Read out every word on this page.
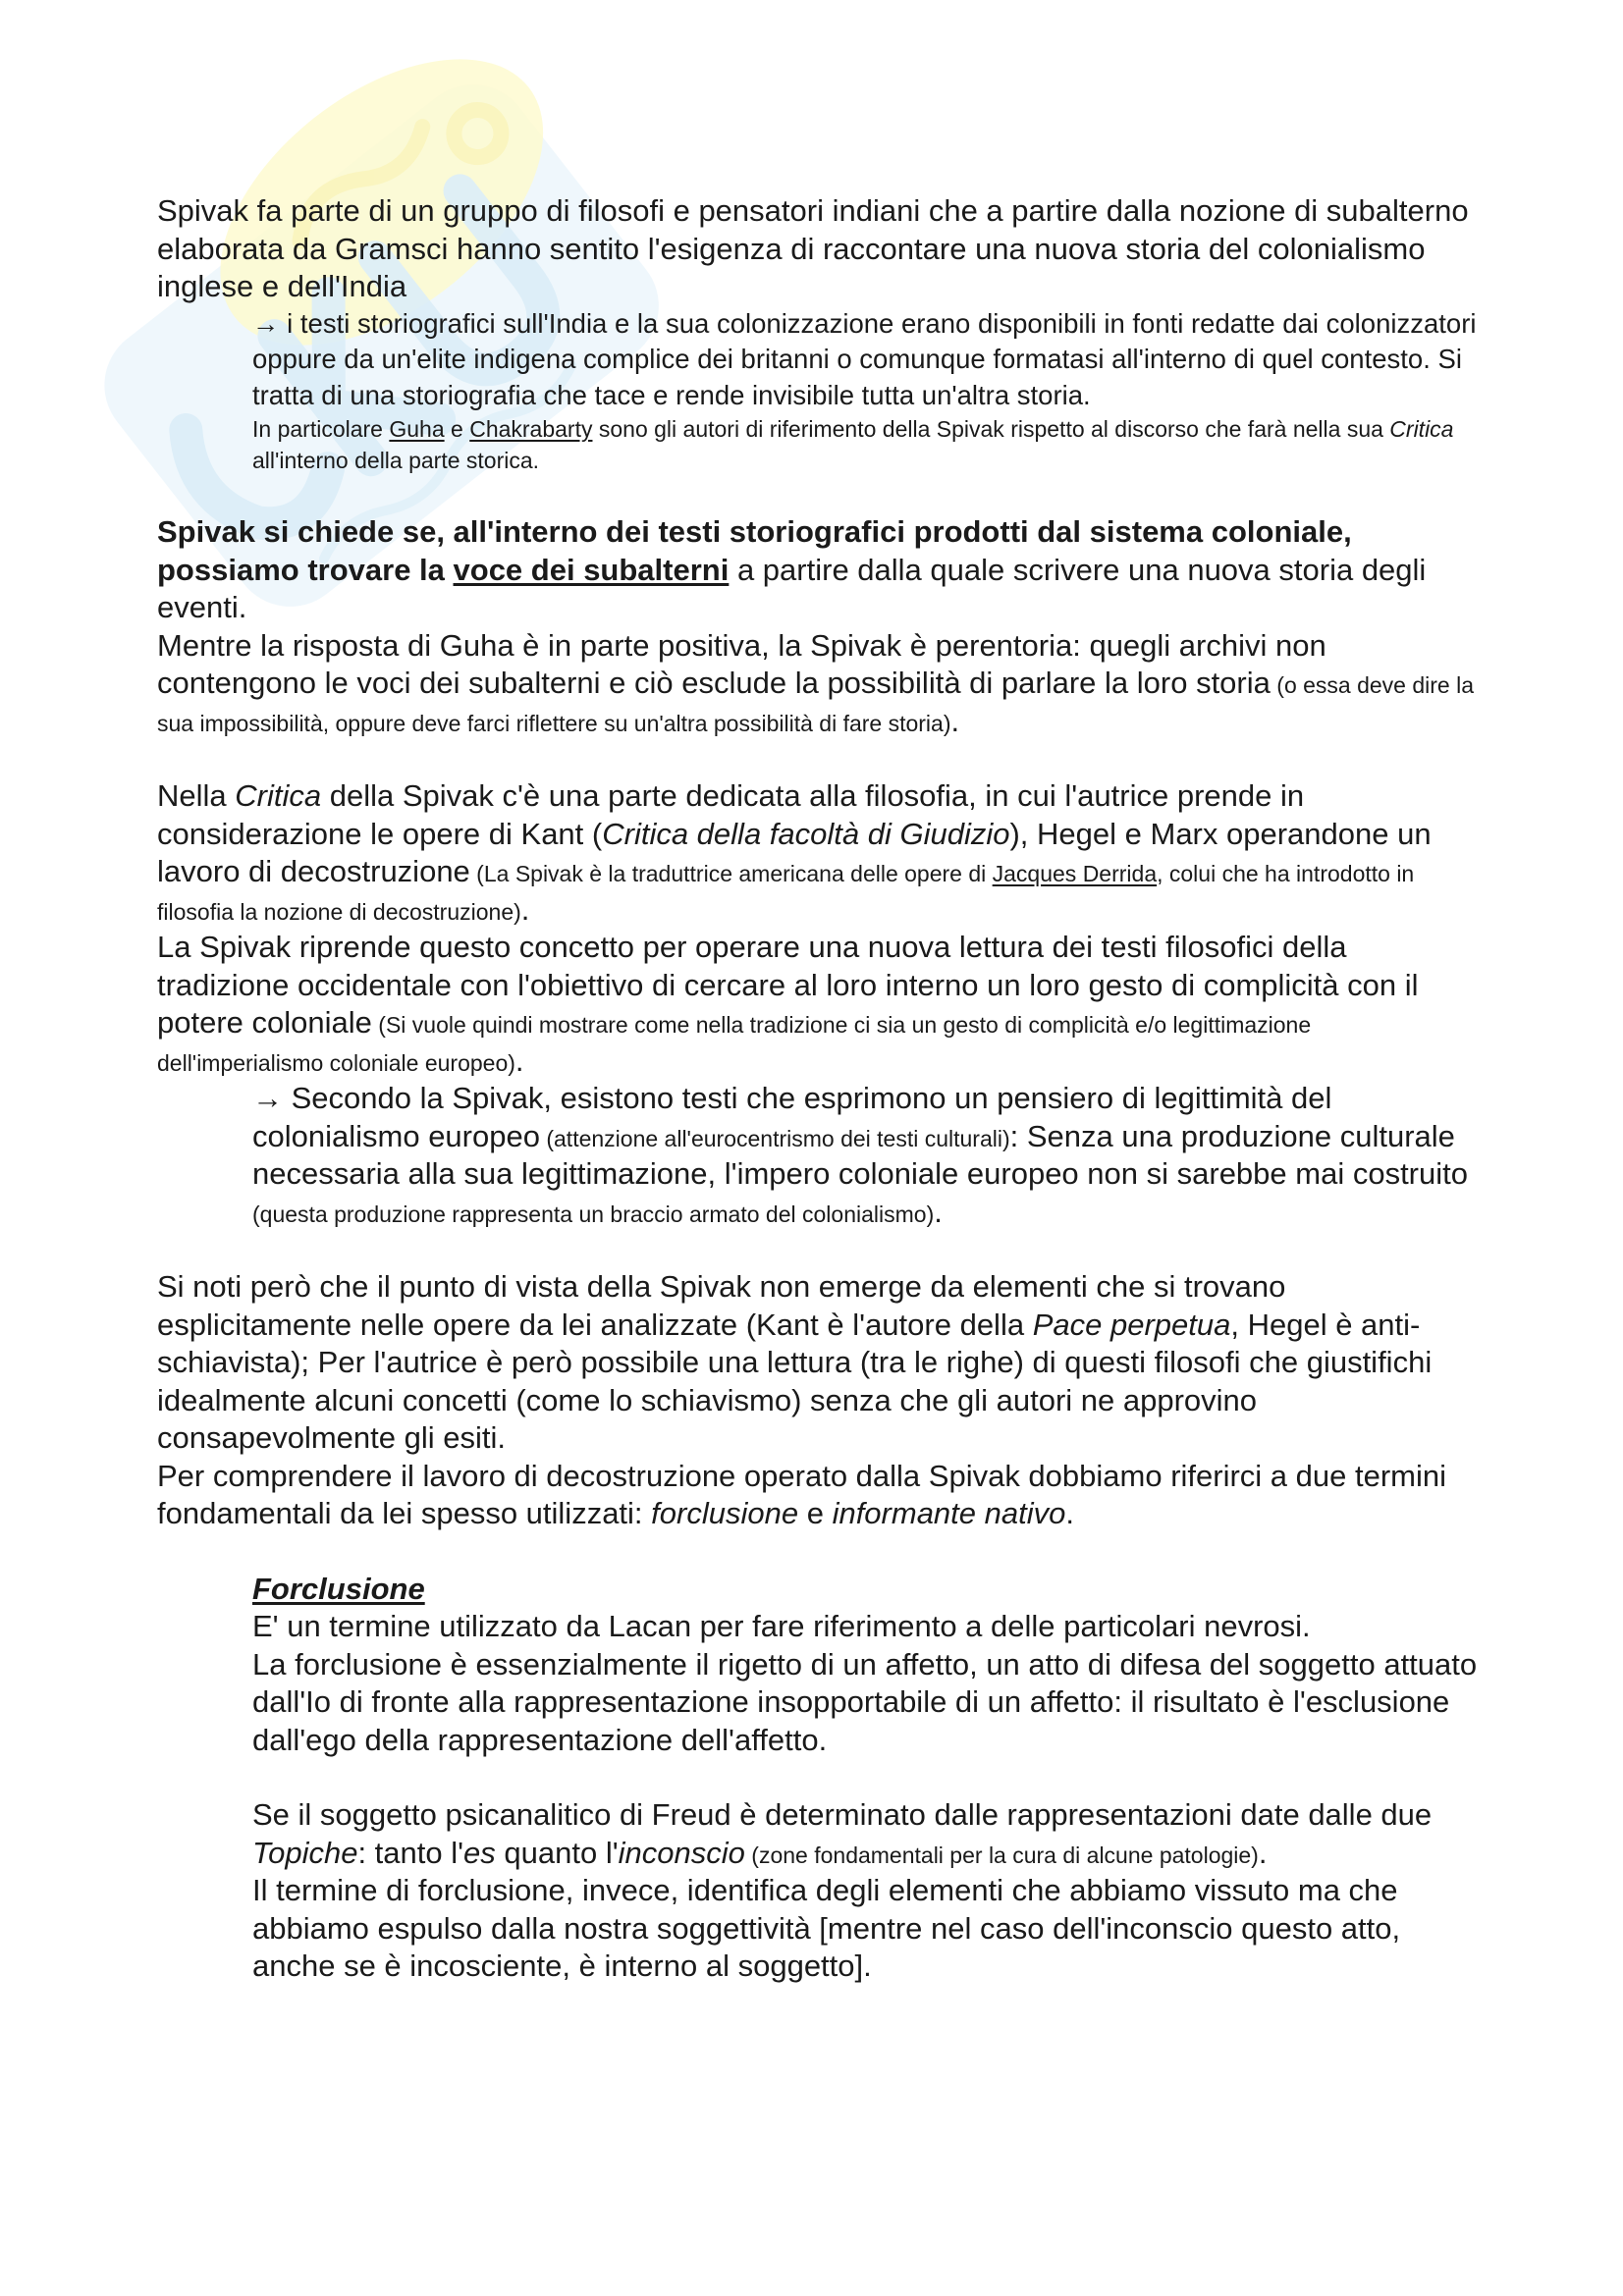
Spivak fa parte di un gruppo di filosofi e pensatori indiani che a partire dalla nozione di subalterno elaborata da Gramsci hanno sentito l'esigenza di raccontare una nuova storia del colonialismo inglese e dell'India

→ i testi storiografici sull'India e la sua colonizzazione erano disponibili in fonti redatte dai colonizzatori oppure da un'elite indigena complice dei britanni o comunque formatasi all'interno di quel contesto. Si tratta di una storiografia che tace e rende invisibile tutta un'altra storia.

In particolare Guha e Chakrabarty sono gli autori di riferimento della Spivak rispetto al discorso che farà nella sua Critica all'interno della parte storica.

Spivak si chiede se, all'interno dei testi storiografici prodotti dal sistema coloniale, possiamo trovare la voce dei subalterni a partire dalla quale scrivere una nuova storia degli eventi.

Mentre la risposta di Guha è in parte positiva, la Spivak è perentoria: quegli archivi non contengono le voci dei subalterni e ciò esclude la possibilità di parlare la loro storia (o essa deve dire la sua impossibilità, oppure deve farci riflettere su un'altra possibilità di fare storia).

Nella Critica della Spivak c'è una parte dedicata alla filosofia, in cui l'autrice prende in considerazione le opere di Kant (Critica della facoltà di Giudizio), Hegel e Marx operandone un lavoro di decostruzione (La Spivak è la traduttrice americana delle opere di Jacques Derrida, colui che ha introdotto in filosofia la nozione di decostruzione).

La Spivak riprende questo concetto per operare una nuova lettura dei testi filosofici della tradizione occidentale con l'obiettivo di cercare al loro interno un loro gesto di complicità con il potere coloniale (Si vuole quindi mostrare come nella tradizione ci sia un gesto di complicità e/o legittimazione dell'imperialismo coloniale europeo).

→ Secondo la Spivak, esistono testi che esprimono un pensiero di legittimità del colonialismo europeo (attenzione all'eurocentrismo dei testi culturali): Senza una produzione culturale necessaria alla sua legittimazione, l'impero coloniale europeo non si sarebbe mai costruito (questa produzione rappresenta un braccio armato del colonialismo).

Si noti però che il punto di vista della Spivak non emerge da elementi che si trovano esplicitamente nelle opere da lei analizzate (Kant è l'autore della Pace perpetua, Hegel è anti-schiavista); Per l'autrice è però possibile una lettura (tra le righe) di questi filosofi che giustifichi idealmente alcuni concetti (come lo schiavismo) senza che gli autori ne approvino consapevolmente gli esiti.

Per comprendere il lavoro di decostruzione operato dalla Spivak dobbiamo riferirci a due termini fondamentali da lei spesso utilizzati: forclusione e informante nativo.

Forclusione

E' un termine utilizzato da Lacan per fare riferimento a delle particolari nevrosi.

La forclusione è essenzialmente il rigetto di un affetto, un atto di difesa del soggetto attuato dall'Io di fronte alla rappresentazione insopportabile di un affetto: il risultato è l'esclusione dall'ego della rappresentazione dell'affetto.

Se il soggetto psicanalitico di Freud è determinato dalle rappresentazioni date dalle due Topiche: tanto l'es quanto l'inconscio (zone fondamentali per la cura di alcune patologie).

Il termine di forclusione, invece, identifica degli elementi che abbiamo vissuto ma che abbiamo espulso dalla nostra soggettività [mentre nel caso dell'inconscio questo atto, anche se è incosciente, è interno al soggetto].
